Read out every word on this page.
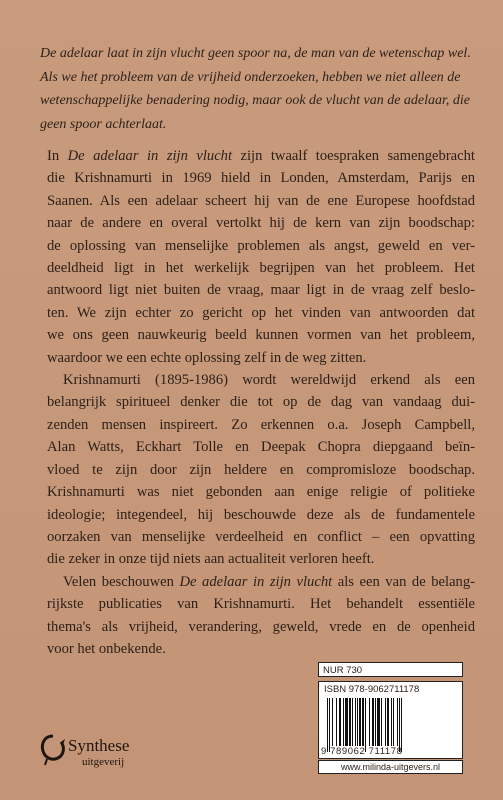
De adelaar laat in zijn vlucht geen spoor na, de man van de wetenschap wel.
Als we het probleem van de vrijheid onderzoeken, hebben we niet alleen de
wetenschappelijke benadering nodig, maar ook de vlucht van de adelaar, die
geen spoor achterlaat.
In De adelaar in zijn vlucht zijn twaalf toespraken samengebracht
die Krishnamurti in 1969 hield in Londen, Amsterdam, Parijs en
Saanen. Als een adelaar scheert hij van de ene Europese hoofdstad
naar de andere en overal vertolkt hij de kern van zijn boodschap:
de oplossing van menselijke problemen als angst, geweld en ver-
deeldheid ligt in het werkelijk begrijpen van het probleem. Het
antwoord ligt niet buiten de vraag, maar ligt in de vraag zelf beslo-
ten. We zijn echter zo gericht op het vinden van antwoorden dat
we ons geen nauwkeurig beeld kunnen vormen van het probleem,
waardoor we een echte oplossing zelf in de weg zitten.
Krishnamurti (1895-1986) wordt wereldwijd erkend als een
belangrijk spiritueel denker die tot op de dag van vandaag dui-
zenden mensen inspireert. Zo erkennen o.a. Joseph Campbell,
Alan Watts, Eckhart Tolle en Deepak Chopra diepgaand beïn-
vloed te zijn door zijn heldere en compromisloze boodschap.
Krishnamurti was niet gebonden aan enige religie of politieke
ideologie; integendeel, hij beschouwde deze als de fundamentele
oorzaken van menselijke verdeelheid en conflict – een opvatting
die zeker in onze tijd niets aan actualiteit verloren heeft.
Velen beschouwen De adelaar in zijn vlucht als een van de belang-
rijkste publicaties van Krishnamurti. Het behandelt essentiële
thema's als vrijheid, verandering, geweld, vrede en de openheid
voor het onbekende.
NUR 730
ISBN 978-9062711178
9 789062 711178
www.milinda-uitgevers.nl
Synthese
uitgeverij
